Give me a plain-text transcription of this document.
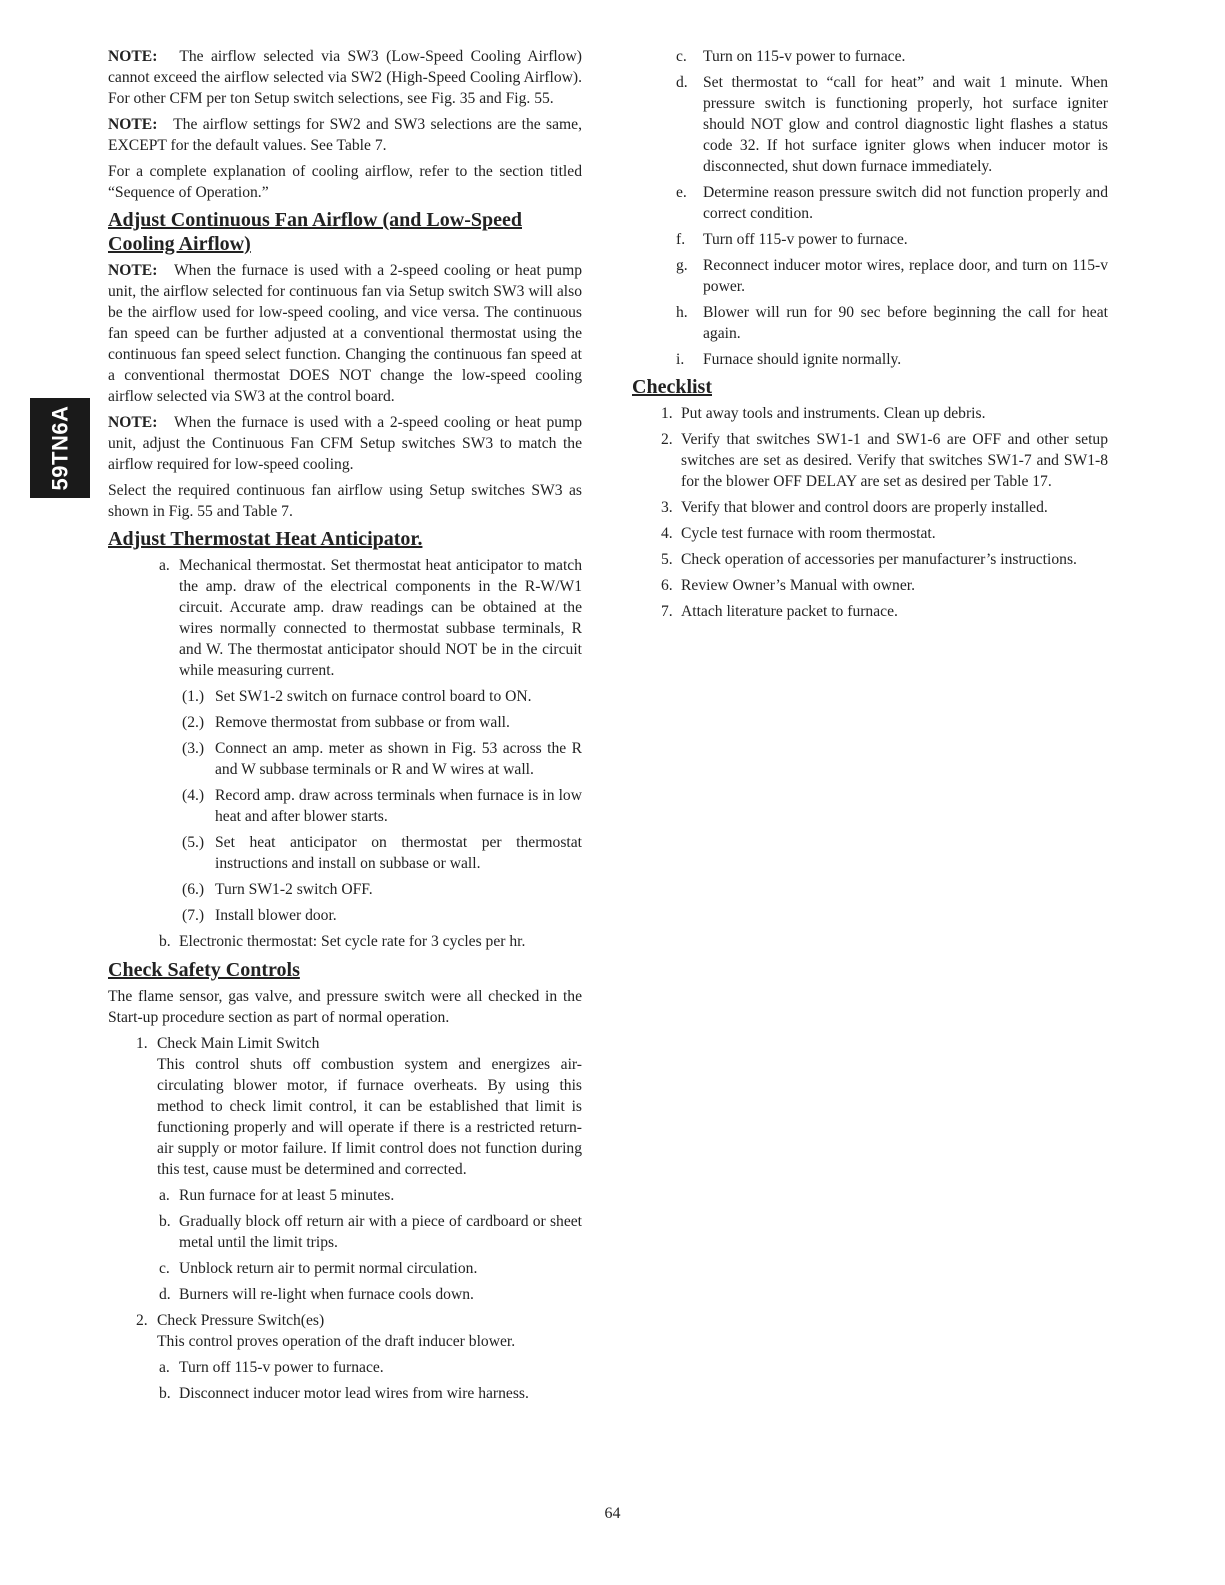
59TN6A

NOTE: The airflow selected via SW3 (Low-Speed Cooling Airflow) cannot exceed the airflow selected via SW2 (High-Speed Cooling Airflow). For other CFM per ton Setup switch selections, see Fig. 35 and Fig. 55.

NOTE: The airflow settings for SW2 and SW3 selections are the same, EXCEPT for the default values. See Table 7.

For a complete explanation of cooling airflow, refer to the section titled “Sequence of Operation.”

Adjust Continuous Fan Airflow (and Low-Speed Cooling Airflow)

NOTE: When the furnace is used with a 2-speed cooling or heat pump unit, the airflow selected for continuous fan via Setup switch SW3 will also be the airflow used for low-speed cooling, and vice versa. The continuous fan speed can be further adjusted at a conventional thermostat using the continuous fan speed select function. Changing the continuous fan speed at a conventional thermostat DOES NOT change the low-speed cooling airflow selected via SW3 at the control board.

NOTE: When the furnace is used with a 2-speed cooling or heat pump unit, adjust the Continuous Fan CFM Setup switches SW3 to match the airflow required for low-speed cooling.

Select the required continuous fan airflow using Setup switches SW3 as shown in Fig. 55 and Table 7.

Adjust Thermostat Heat Anticipator.
a. Mechanical thermostat. Set thermostat heat anticipator to match the amp. draw of the electrical components in the R-W/W1 circuit. Accurate amp. draw readings can be obtained at the wires normally connected to thermostat subbase terminals, R and W. The thermostat anticipator should NOT be in the circuit while measuring current.
(1.) Set SW1-2 switch on furnace control board to ON.
(2.) Remove thermostat from subbase or from wall.
(3.) Connect an amp. meter as shown in Fig. 53 across the R and W subbase terminals or R and W wires at wall.
(4.) Record amp. draw across terminals when furnace is in low heat and after blower starts.
(5.) Set heat anticipator on thermostat per thermostat instructions and install on subbase or wall.
(6.) Turn SW1-2 switch OFF.
(7.) Install blower door.
b. Electronic thermostat: Set cycle rate for 3 cycles per hr.
Check Safety Controls

The flame sensor, gas valve, and pressure switch were all checked in the Start-up procedure section as part of normal operation.

1. Check Main Limit Switch
This control shuts off combustion system and energizes air-circulating blower motor, if furnace overheats. By using this method to check limit control, it can be established that limit is functioning properly and will operate if there is a restricted return-air supply or motor failure. If limit control does not function during this test, cause must be determined and corrected.
a. Run furnace for at least 5 minutes.
b. Gradually block off return air with a piece of cardboard or sheet metal until the limit trips.
c. Unblock return air to permit normal circulation.
d. Burners will re-light when furnace cools down.
2. Check Pressure Switch(es)
This control proves operation of the draft inducer blower.
a. Turn off 115-v power to furnace.
b. Disconnect inducer motor lead wires from wire harness.
c. Turn on 115-v power to furnace.
d. Set thermostat to “call for heat” and wait 1 minute. When pressure switch is functioning properly, hot surface igniter should NOT glow and control diagnostic light flashes a status code 32. If hot surface igniter glows when inducer motor is disconnected, shut down furnace immediately.
e. Determine reason pressure switch did not function properly and correct condition.
f. Turn off 115-v power to furnace.
g. Reconnect inducer motor wires, replace door, and turn on 115-v power.
h. Blower will run for 90 sec before beginning the call for heat again.
i. Furnace should ignite normally.
Checklist
1. Put away tools and instruments. Clean up debris.
2. Verify that switches SW1-1 and SW1-6 are OFF and other setup switches are set as desired. Verify that switches SW1-7 and SW1-8 for the blower OFF DELAY are set as desired per Table 17.
3. Verify that blower and control doors are properly installed.
4. Cycle test furnace with room thermostat.
5. Check operation of accessories per manufacturer’s instructions.
6. Review Owner’s Manual with owner.
7. Attach literature packet to furnace.
64
